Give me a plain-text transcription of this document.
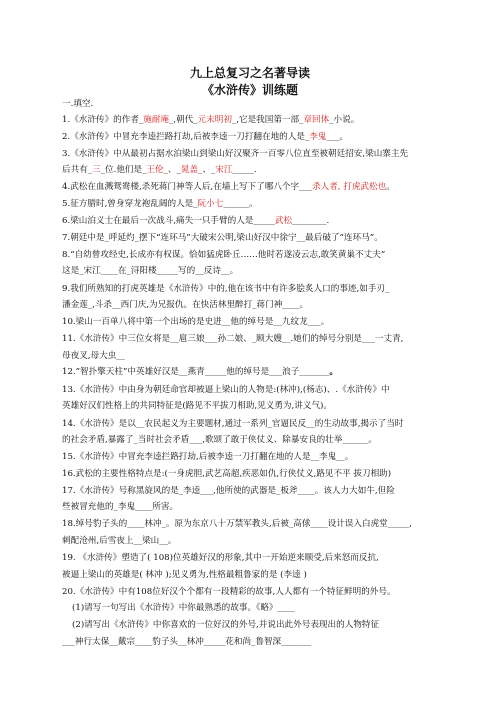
九上总复习之名著导读
《水浒传》训练题
一.填空.
1.《水浒传》的作者_施耐庵_,朝代_元末明初_,它是我国第一部_章回体_小说。
2.《水浒传》中冒充李逵拦路打劫,后被李逵一刀打翻在地的人是_李鬼___。
3.《水浒传》中从最初占据水泊梁山到梁山好汉聚齐一百零八位直至被朝廷招安,梁山寨主先
后共有_三_位.他们是_王伦_、_晁盖_、_宋江_____.
4.武松在血溅鸳鸯楼,杀死蒋门神等人后,在墙上写下了哪八个字___杀人者, 打虎武松也。
5.征方腊时,曾身穿龙袍乱阔的人是_阮小七______。
6.梁山泊义士在最后一次战斗,痛失一只手臂的人是_____武松________.
7.朝廷中是_呼延灼_摆下“连环马”大破宋公明,梁山好汉中徐宁__最后破了“连环马”。
8.“自幼曾攻经史,长成亦有权谋。恰如猛虎卧丘……他时若遂凌云志,敢笑黄巢不丈夫”
这是_宋江____在_浔阳楼_____写的__反诗__。
9.我们所熟知的打虎英雄是《水浒传》中的,他在该书中有许多脍炙人口的事迹,如手刃_
潘金莲_,斗杀__西门庆,为兄报仇。在快活林里醉打_蒋门神____。
10.梁山一百单八将中第一个出场的是史进__他的绰号是__九纹龙___。
11.《水浒传》中三位女将是__扈三娘___孙二娘、_顾大嫂__.她们的绰号分别是___一丈青,
母夜叉,母大虫__
12.”智扑擎天柱”中英雄好汉是__燕青_____他的绰号是___浪子_______。
13.《水浒传》中由身为朝廷命官却被逼上梁山的人物是:(林冲),(杨志)、.《水浒传》中
英雄好汉们性格上的共同特征是(路见不平拔刀相助,见义勇为,讲义气)。
14.《水浒传》是以__农民起义为主要题材,通过一系列_官逼民反__的生动故事,揭示了当时
的社会矛盾,暴露了_当时社会矛盾___,歌颂了敢于侠仗义、除暴安良的壮举______。
15.《水浒传》中冒充李逵拦路打劫,后被李逵一刀打翻在地的人是__李鬼__。
16.武松的主要性格特点是:(一身虎胆,武艺高超,疾恶如仇,行侠仗义,路见不平 拔刀相助)
17.《水浒传》号称黑旋风的是_李逵___,他所使的武器是_板斧____。该人力大如牛,但险
些被冒充他的_李鬼____所害。
18.绰号豹子头的____林冲_。原为东京八十万禁军教头,后被_高俅____设计误入白虎堂_____,
刺配沧州,后雪夜上__梁山__。
19. 《水浒传》塑造了( 108)位英雄好汉的形象,其中一开始逆来顺受,后来怒而反抗,
被逼上梁山的英雄是( 林冲 );见义勇为,性格最粗鲁家的是 (李逵 )
20.《水浒传》中有108位好汉个个都有一段精彩的故事,人人都有一个特征鲜明的外号。
(1)请写一句写出《水浒传》中你最熟悉的故事。《略》____
(2)请写出《水浒传》中你喜欢的一位好汉的外号,并说出此外号表现出的人物特征
___神行太保__戴宗____豹子头__林冲_____花和尚_鲁智深_______
